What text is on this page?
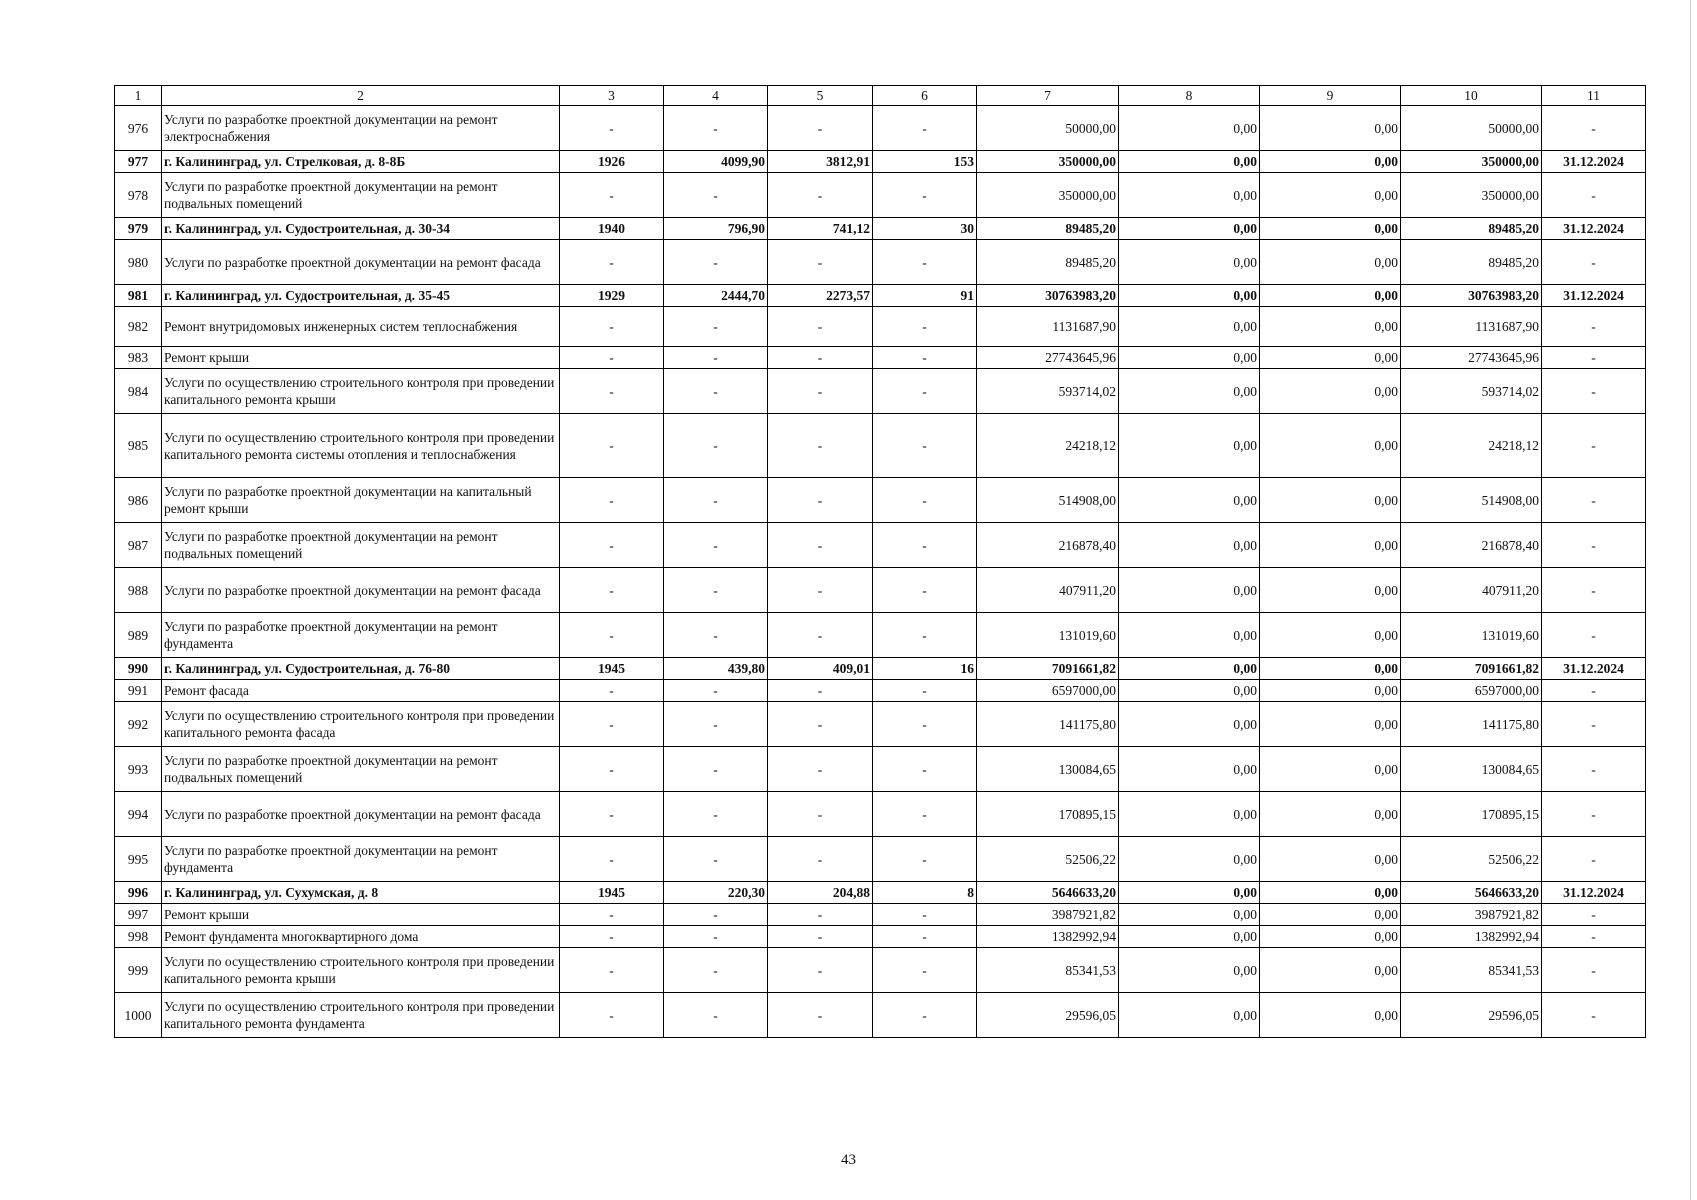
1	2	3	4	5	6	7	8	9	10	11
976	Услуги по разработке проектной документации на ремонт электроснабжения	-	-	-	-	50000,00	0,00	0,00	50000,00	-
977	г. Калининград, ул. Стрелковая, д. 8-8Б	1926	4099,90	3812,91	153	350000,00	0,00	0,00	350000,00	31.12.2024
978	Услуги по разработке проектной документации на ремонт подвальных помещений	-	-	-	-	350000,00	0,00	0,00	350000,00	-
979	г. Калининград, ул. Судостроительная, д. 30-34	1940	796,90	741,12	30	89485,20	0,00	0,00	89485,20	31.12.2024
980	Услуги по разработке проектной документации на ремонт фасада	-	-	-	-	89485,20	0,00	0,00	89485,20	-
981	г. Калининград, ул. Судостроительная, д. 35-45	1929	2444,70	2273,57	91	30763983,20	0,00	0,00	30763983,20	31.12.2024
982	Ремонт внутридомовых инженерных систем теплоснабжения	-	-	-	-	1131687,90	0,00	0,00	1131687,90	-
983	Ремонт крыши	-	-	-	-	27743645,96	0,00	0,00	27743645,96	-
984	Услуги по осуществлению строительного контроля при проведении капитального ремонта крыши	-	-	-	-	593714,02	0,00	0,00	593714,02	-
985	Услуги по осуществлению строительного контроля при проведении капитального ремонта системы отопления и теплоснабжения	-	-	-	-	24218,12	0,00	0,00	24218,12	-
986	Услуги по разработке проектной документации на капитальный ремонт крыши	-	-	-	-	514908,00	0,00	0,00	514908,00	-
987	Услуги по разработке проектной документации на ремонт подвальных помещений	-	-	-	-	216878,40	0,00	0,00	216878,40	-
988	Услуги по разработке проектной документации на ремонт фасада	-	-	-	-	407911,20	0,00	0,00	407911,20	-
989	Услуги по разработке проектной документации на ремонт фундамента	-	-	-	-	131019,60	0,00	0,00	131019,60	-
990	г. Калининград, ул. Судостроительная, д. 76-80	1945	439,80	409,01	16	7091661,82	0,00	0,00	7091661,82	31.12.2024
991	Ремонт фасада	-	-	-	-	6597000,00	0,00	0,00	6597000,00	-
992	Услуги по осуществлению строительного контроля при проведении капитального ремонта фасада	-	-	-	-	141175,80	0,00	0,00	141175,80	-
993	Услуги по разработке проектной документации на ремонт подвальных помещений	-	-	-	-	130084,65	0,00	0,00	130084,65	-
994	Услуги по разработке проектной документации на ремонт фасада	-	-	-	-	170895,15	0,00	0,00	170895,15	-
995	Услуги по разработке проектной документации на ремонт фундамента	-	-	-	-	52506,22	0,00	0,00	52506,22	-
996	г. Калининград, ул. Сухумская, д. 8	1945	220,30	204,88	8	5646633,20	0,00	0,00	5646633,20	31.12.2024
997	Ремонт крыши	-	-	-	-	3987921,82	0,00	0,00	3987921,82	-
998	Ремонт фундамента многоквартирного дома	-	-	-	-	1382992,94	0,00	0,00	1382992,94	-
999	Услуги по осуществлению строительного контроля при проведении капитального ремонта крыши	-	-	-	-	85341,53	0,00	0,00	85341,53	-
1000	Услуги по осуществлению строительного контроля при проведении капитального ремонта фундамента	-	-	-	-	29596,05	0,00	0,00	29596,05	-
43
